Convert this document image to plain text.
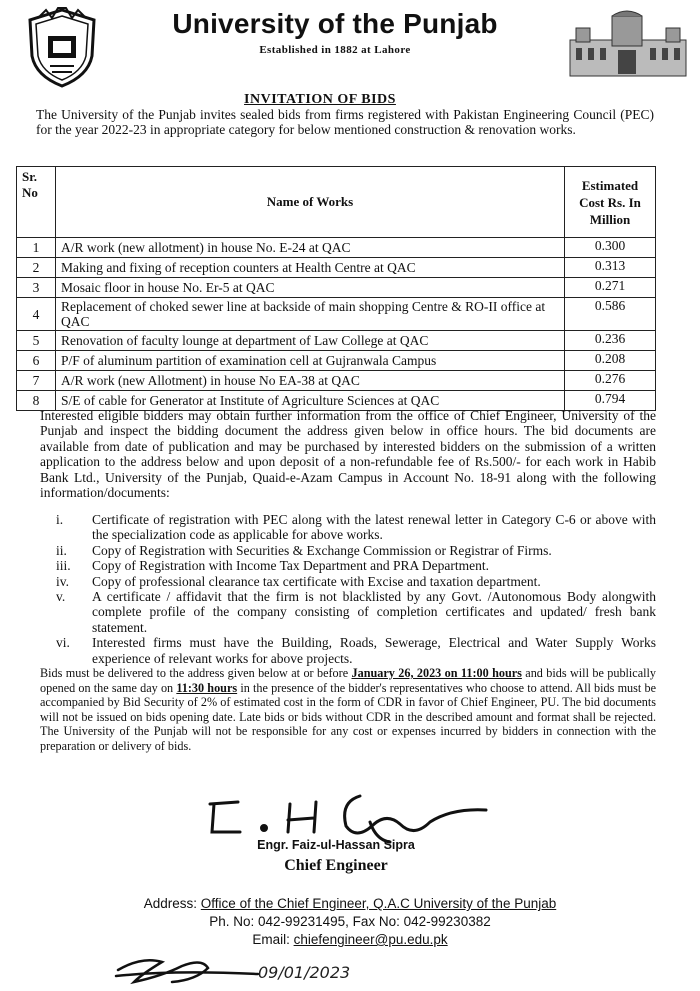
University of the Punjab
Established in 1882 at Lahore
INVITATION OF BIDS
The University of the Punjab invites sealed bids from firms registered with Pakistan Engineering Council (PEC) for the year 2022-23 in appropriate category for below mentioned construction & renovation works.
Sr. No	Name of Works	Estimated Cost Rs. In Million
1	A/R work (new allotment) in house No. E-24 at QAC	0.300
2	Making and fixing of reception counters at Health Centre at QAC	0.313
3	Mosaic floor in house No. Er-5 at QAC	0.271
4	Replacement of choked sewer line at backside of main shopping Centre & RO-II office at QAC	0.586
5	Renovation of faculty lounge at department of Law College at QAC	0.236
6	P/F of aluminum partition of examination cell at Gujranwala Campus	0.208
7	A/R work (new Allotment) in house No EA-38 at QAC	0.276
8	S/E of cable for Generator at Institute of Agriculture Sciences at QAC	0.794
Interested eligible bidders may obtain further information from the office of Chief Engineer, University of the Punjab and inspect the bidding document the address given below in office hours. The bid documents are available from date of publication and may be purchased by interested bidders on the submission of a written application to the address below and upon deposit of a non-refundable fee of Rs.500/- for each work in Habib Bank Ltd., University of the Punjab, Quaid-e-Azam Campus in Account No. 18-91 along with the following information/documents:
i. Certificate of registration with PEC along with the latest renewal letter in Category C-6 or above with the specialization code as applicable for above works.
ii. Copy of Registration with Securities & Exchange Commission or Registrar of Firms.
iii. Copy of Registration with Income Tax Department and PRA Department.
iv. Copy of professional clearance tax certificate with Excise and taxation department.
v. A certificate / affidavit that the firm is not blacklisted by any Govt. /Autonomous Body alongwith complete profile of the company consisting of completion certificates and updated/ fresh bank statement.
vi. Interested firms must have the Building, Roads, Sewerage, Electrical and Water Supply Works experience of relevant works for above projects.
Bids must be delivered to the address given below at or before January 26, 2023 on 11:00 hours and bids will be publically opened on the same day on 11:30 hours in the presence of the bidder's representatives who choose to attend. All bids must be accompanied by Bid Security of 2% of estimated cost in the form of CDR in favor of Chief Engineer, PU. The bid documents will not be issued on bids opening date. Late bids or bids without CDR in the described amount and format shall be rejected. The University of the Punjab will not be responsible for any cost or expenses incurred by bidders in connection with the preparation or delivery of bids.
Engr. Faiz-ul-Hassan Sipra
Chief Engineer
Address: Office of the Chief Engineer, Q.A.C University of the Punjab
Ph. No: 042-99231495, Fax No: 042-99230382
Email: chiefengineer@pu.edu.pk
09/01/2023
